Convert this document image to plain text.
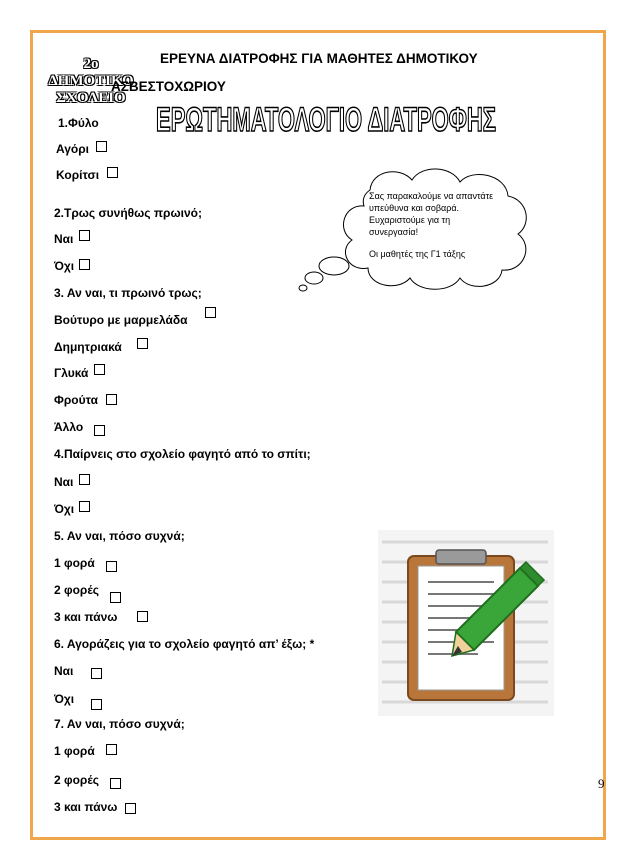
2ο ΔΗΜΟΤΙΚΟ
ΣΧΟΛΕΙΟ
ΕΡΕΥΝΑ ΔΙΑΤΡΟΦΗΣ ΓΙΑ ΜΑΘΗΤΕΣ ΔΗΜΟΤΙΚΟΥ
ΑΣΒΕΣΤΟΧΩΡΙΟΥ
ΕΡΩΤΗΜΑΤΟΛΟΓΙΟ ΔΙΑΤΡΟΦΗΣ
1.Φύλο
Αγόρι
Κορίτσι
2.Τρως συνήθως πρωινό;
Ναι
Όχι
3. Αν ναι, τι πρωινό τρως;
Βούτυρο με μαρμελάδα
Δημητριακά
Γλυκά
Φρούτα
Άλλο
4.Παίρνεις στο σχολείο φαγητό από το σπίτι;
Ναι
Όχι
5. Αν ναι, πόσο συχνά;
1 φορά
2 φορές
3 και πάνω
6. Αγοράζεις για το σχολείο φαγητό απ’ έξω; *
Ναι
Όχι
7. Αν ναι, πόσο συχνά;
1 φορά
2 φορές
3 και πάνω
Σας παρακαλούμε να απαντάτε υπεύθυνα και σοβαρά. Ευχαριστούμε για τη συνεργασία!
Οι μαθητές της Γ1 τάξης
9
